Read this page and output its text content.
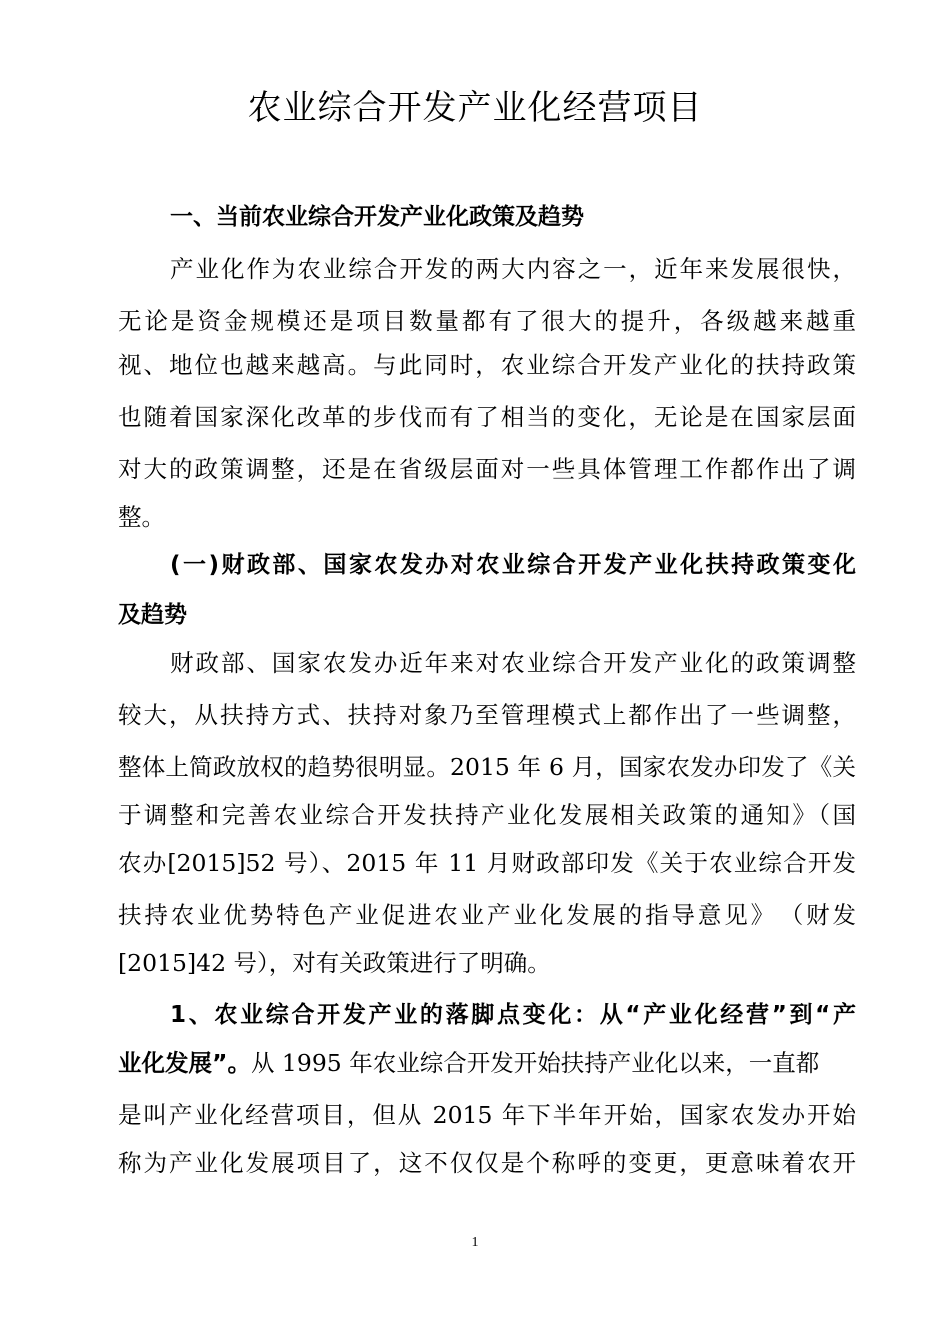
农业综合开发产业化经营项目
一、当前农业综合开发产业化政策及趋势
产业化作为农业综合开发的两大内容之一，近年来发展很快，
无论是资金规模还是项目数量都有了很大的提升，各级越来越重
视、地位也越来越高。与此同时，农业综合开发产业化的扶持政策
也随着国家深化改革的步伐而有了相当的变化，无论是在国家层面
对大的政策调整，还是在省级层面对一些具体管理工作都作出了调
整。
(一)财政部、国家农发办对农业综合开发产业化扶持政策变化
及趋势
财政部、国家农发办近年来对农业综合开发产业化的政策调整
较大，从扶持方式、扶持对象乃至管理模式上都作出了一些调整，
整体上简政放权的趋势很明显。2015 年 6 月，国家农发办印发了《关
于调整和完善农业综合开发扶持产业化发展相关政策的通知》（国
农办[2015]52 号）、2015 年 11 月财政部印发《关于农业综合开发
扶持农业优势特色产业促进农业产业化发展的指导意见》　（财发
[2015]42 号），对有关政策进行了明确。
1、农业综合开发产业的落脚点变化：从“产业化经营”到“产
业化发展”。从 1995 年农业综合开发开始扶持产业化以来，一直都
是叫产业化经营项目，但从 2015 年下半年开始，国家农发办开始
称为产业化发展项目了，这不仅仅是个称呼的变更，更意味着农开
1
